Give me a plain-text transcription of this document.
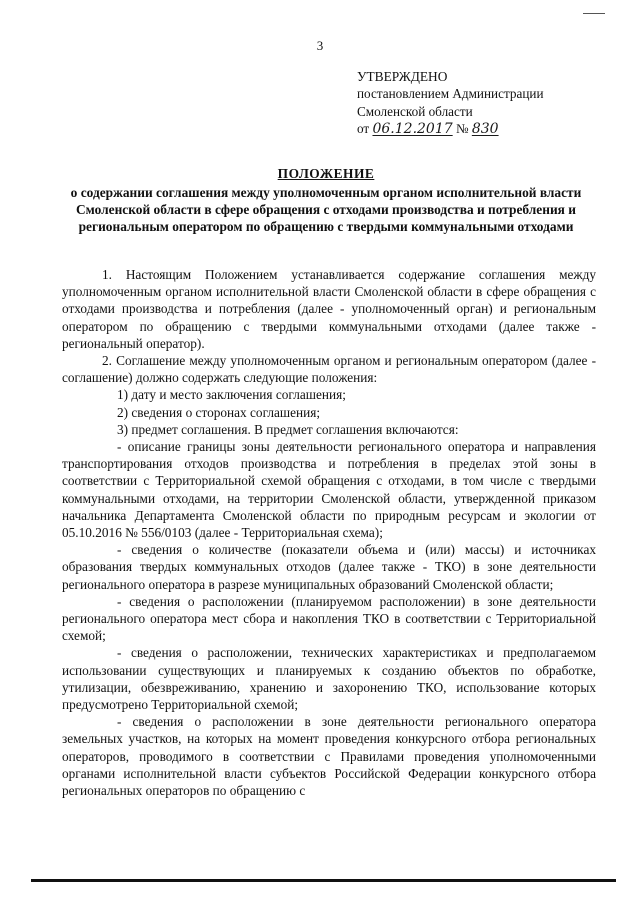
3
УТВЕРЖДЕНО
постановлением Администрации
Смоленской области
от 06.12.2017 № 830
ПОЛОЖЕНИЕ
о содержании соглашения между уполномоченным органом исполнительной власти Смоленской области в сфере обращения с отходами производства и потребления и региональным оператором по обращению с твердыми коммунальными отходами

1. Настоящим Положением устанавливается содержание соглашения между уполномоченным органом исполнительной власти Смоленской области в сфере обращения с отходами производства и потребления (далее - уполномоченный орган) и региональным оператором по обращению с твердыми коммунальными отходами (далее также - региональный оператор).

2. Соглашение между уполномоченным органом и региональным оператором (далее - соглашение) должно содержать следующие положения:

1) дату и место заключения соглашения;

2) сведения о сторонах соглашения;

3) предмет соглашения. В предмет соглашения включаются:

- описание границы зоны деятельности регионального оператора и направления транспортирования отходов производства и потребления в пределах этой зоны в соответствии с Территориальной схемой обращения с отходами, в том числе с твердыми коммунальными отходами, на территории Смоленской области, утвержденной приказом начальника Департамента Смоленской области по природным ресурсам и экологии от 05.10.2016 № 556/0103 (далее - Территориальная схема);

- сведения о количестве (показатели объема и (или) массы) и источниках образования твердых коммунальных отходов (далее также - ТКО) в зоне деятельности регионального оператора в разрезе муниципальных образований Смоленской области;

- сведения о расположении (планируемом расположении) в зоне деятельности регионального оператора мест сбора и накопления ТКО в соответствии с Территориальной схемой;

- сведения о расположении, технических характеристиках и предполагаемом использовании существующих и планируемых к созданию объектов по обработке, утилизации, обезвреживанию, хранению и захоронению ТКО, использование которых предусмотрено Территориальной схемой;

- сведения о расположении в зоне деятельности регионального оператора земельных участков, на которых на момент проведения конкурсного отбора региональных операторов, проводимого в соответствии с Правилами проведения уполномоченными органами исполнительной власти субъектов Российской Федерации конкурсного отбора региональных операторов по обращению с
